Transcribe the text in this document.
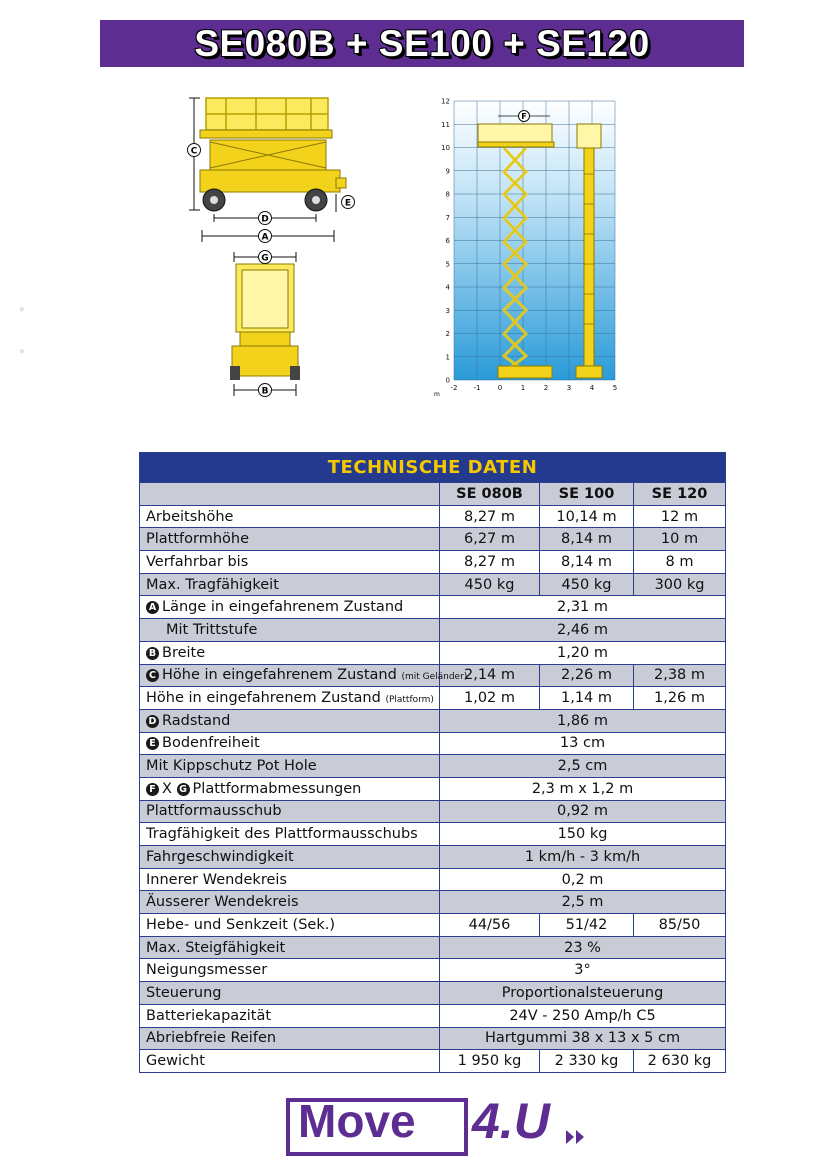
SE080B + SE100 + SE120
•
•
C
D
A
E
G
B
0
1
2
3
4
5
6
7
8
9
10
11
12
-2 -1 0	1	2	3	4	5
m
F
TECHNISCHE DATEN			
	SE 080B	SE 100	SE 120
Arbeitshöhe	8,27 m	10,14 m	12 m
Plattformhöhe	6,27 m	8,14 m	10 m
Verfahrbar bis	8,27 m	8,14 m	8 m
Max. Tragfähigkeit	450 kg	450 kg	300 kg
A Länge in eingefahrenem Zustand	2,31 m		
Mit Trittstufe	2,46 m		
B Breite	1,20 m		
C Höhe in eingefahrenem Zustand (mit Geländer)	2,14 m	2,26 m	2,38 m
Höhe in eingefahrenem Zustand (Plattform)	1,02 m	1,14 m	1,26 m
D Radstand	1,86 m		
E Bodenfreiheit	13 cm		
Mit Kippschutz Pot Hole	2,5 cm		
F X G Plattformabmessungen	2,3 m x 1,2 m		
Plattformausschub	0,92 m		
Tragfähigkeit des Plattformausschubs	150 kg		
Fahrgeschwindigkeit	1 km/h - 3 km/h		
Innerer Wendekreis	0,2 m		
Äusserer Wendekreis	2,5 m		
Hebe- und Senkzeit (Sek.)	44/56	51/42	85/50
Max. Steigfähigkeit	23 %		
Neigungsmesser	3°		
Steuerung	Proportionalsteuerung		
Batteriekapazität	24V - 250 Amp/h C5		
Abriebfreie Reifen	Hartgummi 38 x 13 x 5 cm		
Gewicht	1 950 kg	2 330 kg	2 630 kg
Move 4.U
